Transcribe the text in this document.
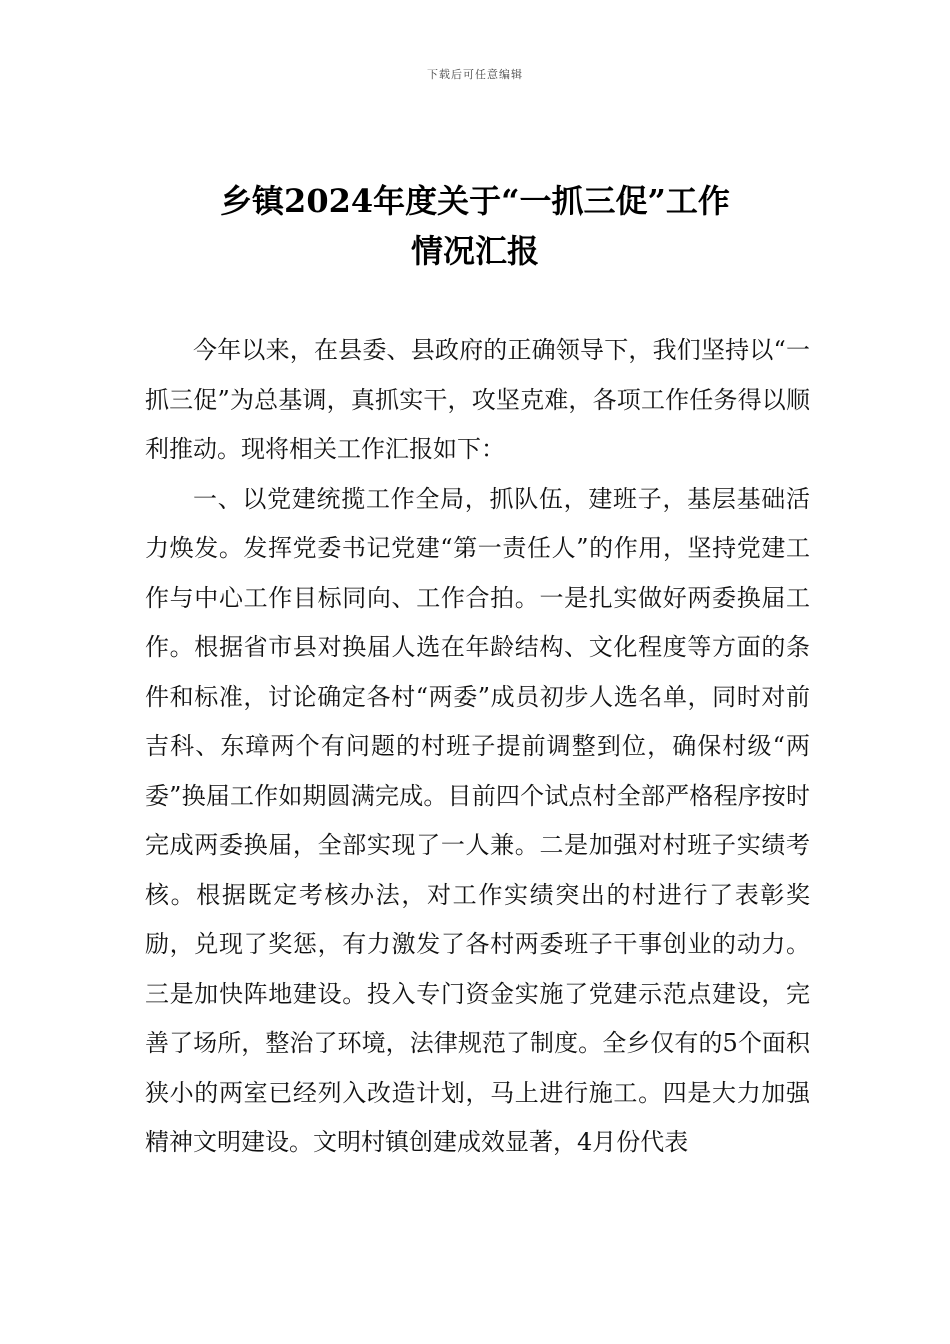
下载后可任意编辑
乡镇2024年度关于“一抓三促”工作
情况汇报

今年以来，在县委、县政府的正确领导下，我们坚持以“一抓三促”为总基调，真抓实干，攻坚克难，各项工作任务得以顺利推动。现将相关工作汇报如下：

一、以党建统揽工作全局，抓队伍，建班子，基层基础活力焕发。发挥党委书记党建“第一责任人”的作用，坚持党建工作与中心工作目标同向、工作合拍。一是扎实做好两委换届工作。根据省市县对换届人选在年龄结构、文化程度等方面的条件和标准，讨论确定各村“两委”成员初步人选名单，同时对前吉科、东璋两个有问题的村班子提前调整到位，确保村级“两委”换届工作如期圆满完成。目前四个试点村全部严格程序按时完成两委换届，全部实现了一人兼。二是加强对村班子实绩考核。根据既定考核办法，对工作实绩突出的村进行了表彰奖励，兑现了奖惩，有力激发了各村两委班子干事创业的动力。三是加快阵地建设。投入专门资金实施了党建示范点建设，完善了场所，整治了环境，法律规范了制度。全乡仅有的5个面积狭小的两室已经列入改造计划，马上进行施工。四是大力加强精神文明建设。文明村镇创建成效显著，4月份代表
